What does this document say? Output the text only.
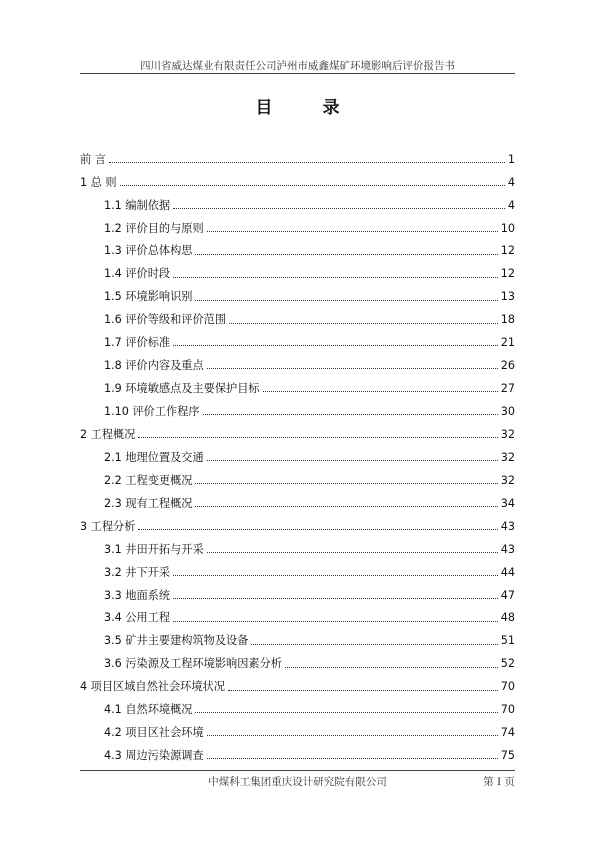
四川省威达煤业有限责任公司泸州市威鑫煤矿环境影响后评价报告书
目 录
前 言	1
1 总 则	4
1.1 编制依据	4
1.2 评价目的与原则	10
1.3 评价总体构思	12
1.4 评价时段	12
1.5 环境影响识别	13
1.6 评价等级和评价范围	18
1.7 评价标准	21
1.8 评价内容及重点	26
1.9 环境敏感点及主要保护目标	27
1.10 评价工作程序	30
2 工程概况	32
2.1 地理位置及交通	32
2.2 工程变更概况	32
2.3 现有工程概况	34
3 工程分析	43
3.1 井田开拓与开采	43
3.2 井下开采	44
3.3 地面系统	47
3.4 公用工程	48
3.5 矿井主要建构筑物及设备	51
3.6 污染源及工程环境影响因素分析	52
4 项目区域自然社会环境状况	70
4.1 自然环境概况	70
4.2 项目区社会环境	74
4.3 周边污染源调查	75
中煤科工集团重庆设计研究院有限公司	第 Ⅰ 页
